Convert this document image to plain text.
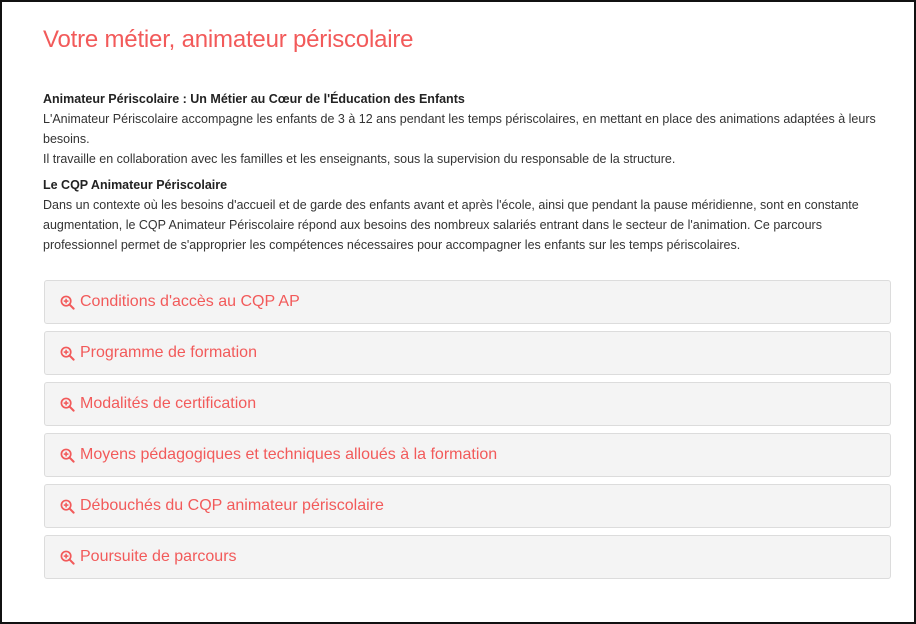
Votre métier, animateur périscolaire

Animateur Périscolaire : Un Métier au Cœur de l'Éducation des Enfants

L'Animateur Périscolaire accompagne les enfants de 3 à 12 ans pendant les temps périscolaires, en mettant en place des animations adaptées à leurs besoins.

Il travaille en collaboration avec les familles et les enseignants, sous la supervision du responsable de la structure.

Le CQP Animateur Périscolaire

Dans un contexte où les besoins d'accueil et de garde des enfants avant et après l'école, ainsi que pendant la pause méridienne, sont en constante augmentation, le CQP Animateur Périscolaire répond aux besoins des nombreux salariés entrant dans le secteur de l'animation. Ce parcours professionnel permet de s'approprier les compétences nécessaires pour accompagner les enfants sur les temps périscolaires.

Conditions d'accès au CQP AP
Programme de formation
Modalités de certification
Moyens pédagogiques et techniques alloués à la formation
Débouchés du CQP animateur périscolaire
Poursuite de parcours
